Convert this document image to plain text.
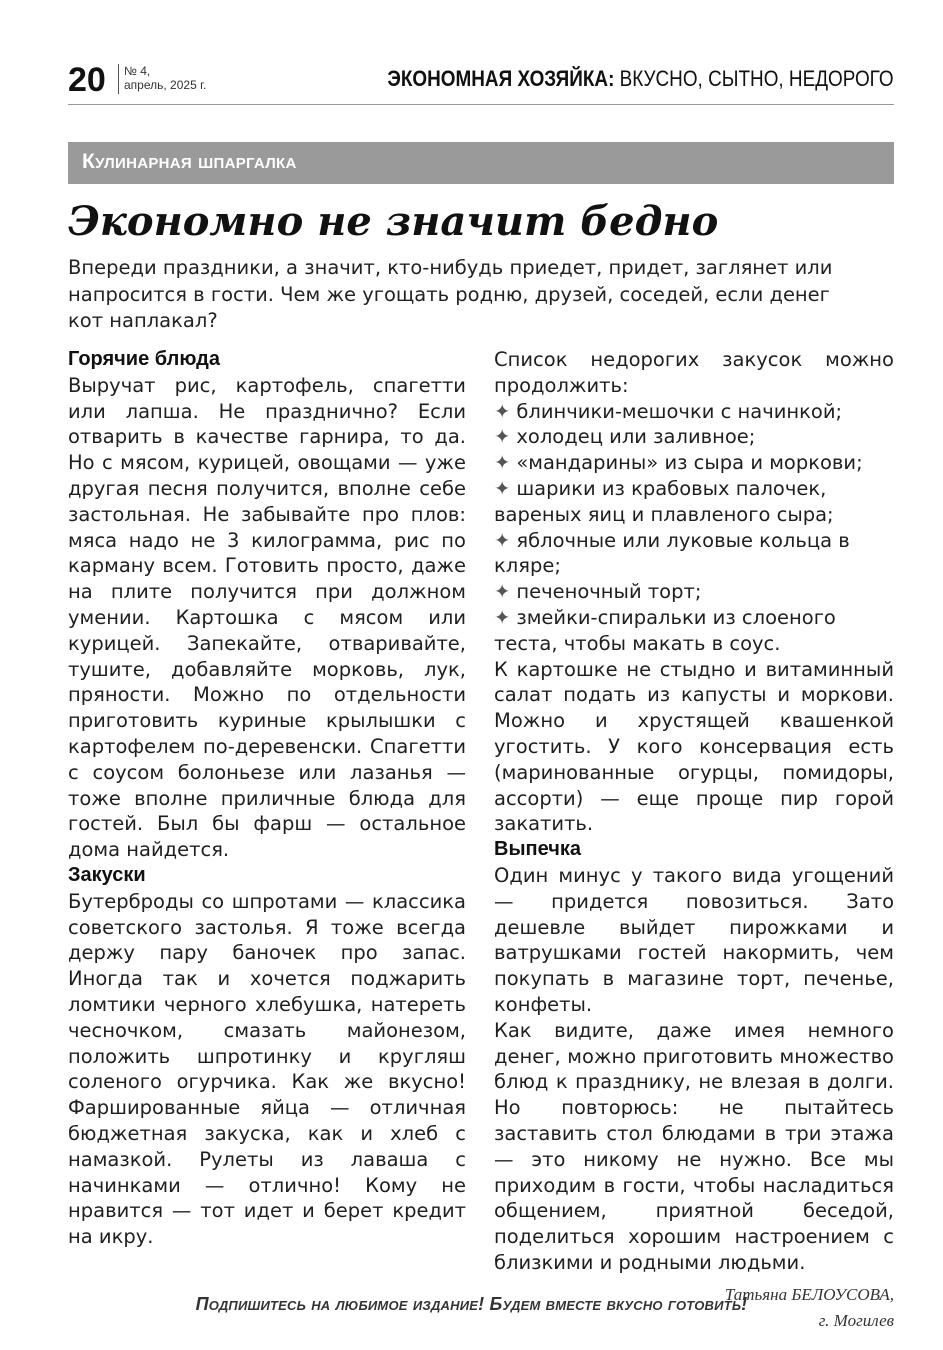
20 № 4,
апрель, 2025 г.	ЭКОНОМНАЯ ХОЗЯЙКА: ВКУСНО, СЫТНО, НЕДОРОГО
Кулинарная шпаргалка
Экономно не значит бедно
Впереди праздники, а значит, кто-нибудь приедет, придет, заглянет или напросится в гости. Чем же угощать родню, друзей, соседей, если денег кот наплакал?

Горячие блюда

Выручат рис, картофель, спагетти или лапша. Не празднично? Если отварить в качестве гарнира, то да. Но с мясом, курицей, овощами — уже другая песня получится, вполне себе застольная. Не забывайте про плов: мяса надо не 3 килограмма, рис по карману всем. Готовить просто, даже на плите получится при должном умении. Картошка с мясом или курицей. Запекайте, отваривайте, тушите, добавляйте морковь, лук, пряности. Можно по отдельности приготовить куриные крылышки с картофелем по-деревенски. Спагетти с соусом болоньезе или лазанья — тоже вполне приличные блюда для гостей. Был бы фарш — остальное дома найдется.

Закуски

Бутерброды со шпротами — классика советского застолья. Я тоже всегда держу пару баночек про запас. Иногда так и хочется поджарить ломтики черного хлебушка, натереть чесночком, смазать майонезом, положить шпротинку и кругляш соленого огурчика. Как же вкусно! Фаршированные яйца — отличная бюджетная закуска, как и хлеб с намазкой. Рулеты из лаваша с начинками — отлично! Кому не нравится — тот идет и берет кредит на икру.

Список недорогих закусок можно продолжить:

✦ блинчики-мешочки с начинкой;
✦ холодец или заливное;
✦ «мандарины» из сыра и моркови;
✦ шарики из крабовых палочек, вареных яиц и плавленого сыра;
✦ яблочные или луковые кольца в кляре;
✦ печеночный торт;
✦ змейки-спиральки из слоеного теста, чтобы макать в соус.

К картошке не стыдно и витаминный салат подать из капусты и моркови. Можно и хрустящей квашенкой угостить. У кого консервация есть (маринованные огурцы, помидоры, ассорти) — еще проще пир горой закатить.

Выпечка

Один минус у такого вида угощений — придется повозиться. Зато дешевле выйдет пирожками и ватрушками гостей накормить, чем покупать в магазине торт, печенье, конфеты.

Как видите, даже имея немного денег, можно приготовить множество блюд к празднику, не влезая в долги. Но повторюсь: не пытайтесь заставить стол блюдами в три этажа — это никому не нужно. Все мы приходим в гости, чтобы насладиться общением, приятной беседой, поделиться хорошим настроением с близкими и родными людьми.

Татьяна БЕЛОУСОВА,
г. Могилев
Подпишитесь на любимое издание! Будем вместе вкусно готовить!
